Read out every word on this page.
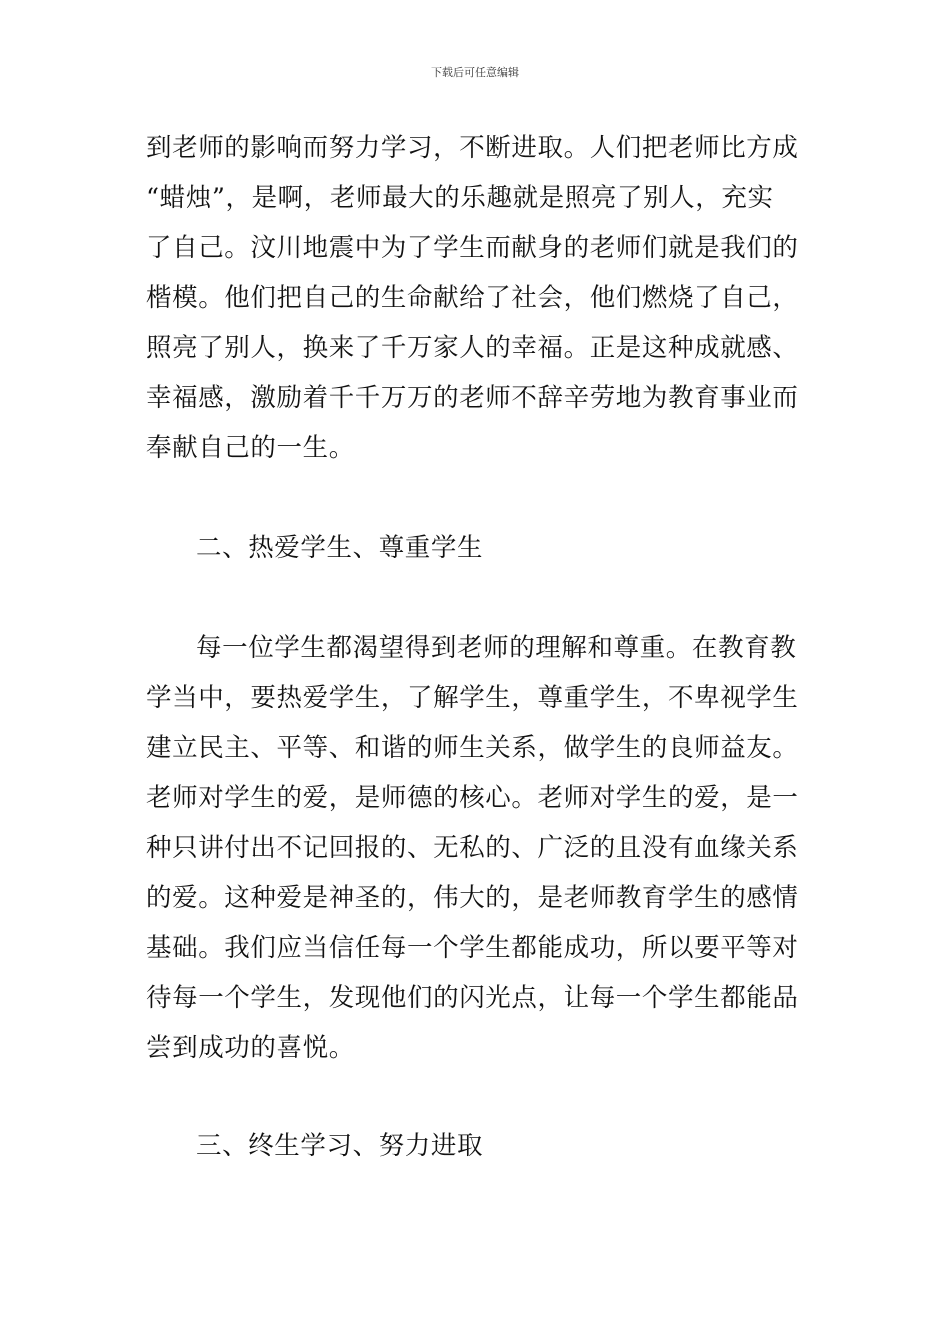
下载后可任意编辑
到老师的影响而努力学习，不断进取。人们把老师比方成
“蜡烛”，是啊，老师最大的乐趣就是照亮了别人，充实
了自己。汶川地震中为了学生而献身的老师们就是我们的
楷模。他们把自己的生命献给了社会，他们燃烧了自己，
照亮了别人，换来了千万家人的幸福。正是这种成就感、
幸福感，激励着千千万万的老师不辞辛劳地为教育事业而
奉献自己的一生。
二、热爱学生、尊重学生
每一位学生都渴望得到老师的理解和尊重。在教育教
学当中，要热爱学生，了解学生，尊重学生，不卑视学生
建立民主、平等、和谐的师生关系，做学生的良师益友。
老师对学生的爱，是师德的核心。老师对学生的爱，是一
种只讲付出不记回报的、无私的、广泛的且没有血缘关系
的爱。这种爱是神圣的，伟大的，是老师教育学生的感情
基础。我们应当信任每一个学生都能成功，所以要平等对
待每一个学生，发现他们的闪光点，让每一个学生都能品
尝到成功的喜悦。
三、终生学习、努力进取
